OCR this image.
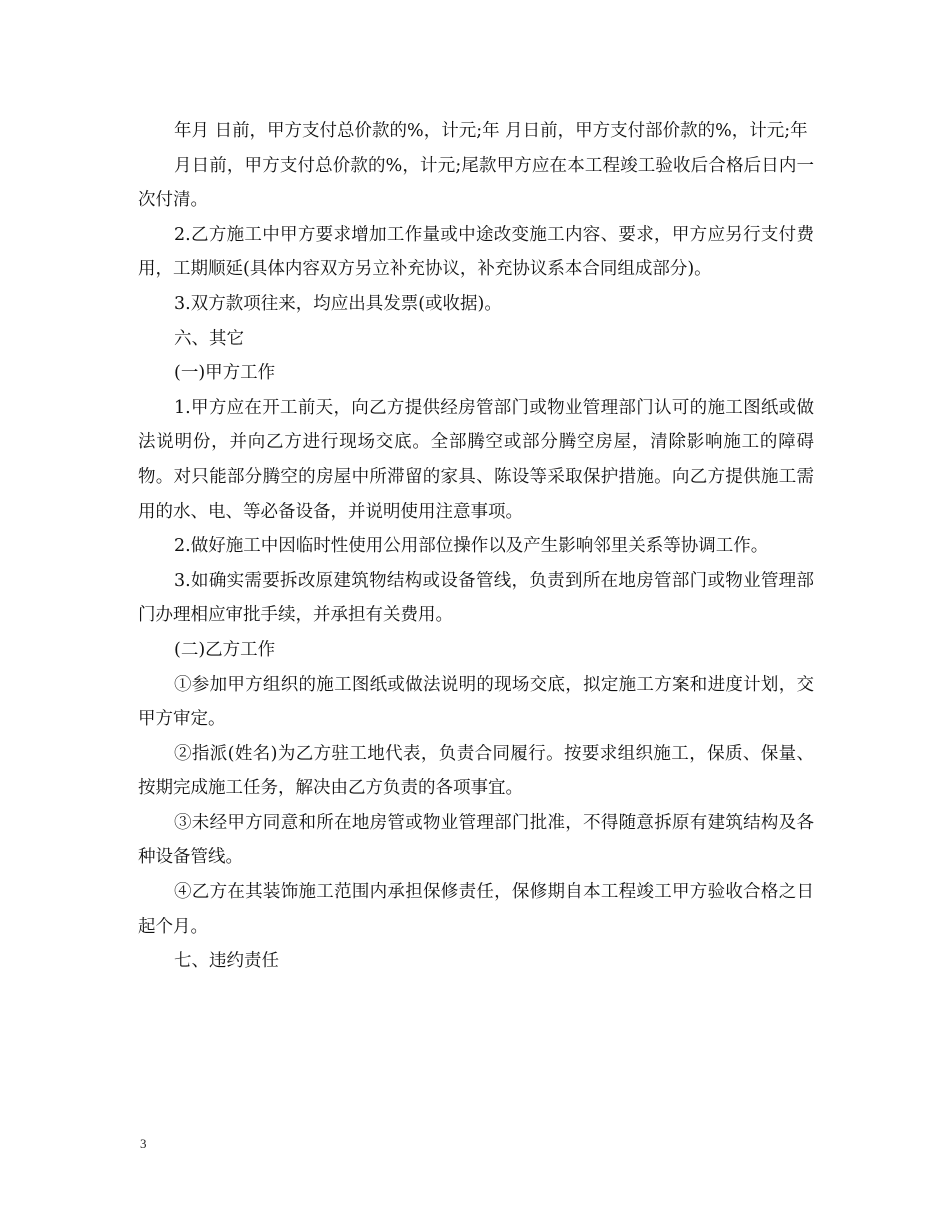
年月 日前，甲方支付总价款的%，计元;年 月日前，甲方支付部价款的%，计元;年

月日前，甲方支付总价款的%，计元;尾款甲方应在本工程竣工验收后合格后日内一次付清。

2.乙方施工中甲方要求增加工作量或中途改变施工内容、要求，甲方应另行支付费用，工期顺延(具体内容双方另立补充协议，补充协议系本合同组成部分)。

3.双方款项往来，均应出具发票(或收据)。

六、其它

(一)甲方工作

1.甲方应在开工前天，向乙方提供经房管部门或物业管理部门认可的施工图纸或做法说明份，并向乙方进行现场交底。全部腾空或部分腾空房屋，清除影响施工的障碍物。对只能部分腾空的房屋中所滞留的家具、陈设等采取保护措施。向乙方提供施工需用的水、电、等必备设备，并说明使用注意事项。

2.做好施工中因临时性使用公用部位操作以及产生影响邻里关系等协调工作。

3.如确实需要拆改原建筑物结构或设备管线，负责到所在地房管部门或物业管理部门办理相应审批手续，并承担有关费用。

(二)乙方工作

①参加甲方组织的施工图纸或做法说明的现场交底，拟定施工方案和进度计划，交甲方审定。

②指派(姓名)为乙方驻工地代表，负责合同履行。按要求组织施工，保质、保量、按期完成施工任务，解决由乙方负责的各项事宜。

③未经甲方同意和所在地房管或物业管理部门批准，不得随意拆原有建筑结构及各种设备管线。

④乙方在其装饰施工范围内承担保修责任，保修期自本工程竣工甲方验收合格之日起个月。

七、违约责任

3
